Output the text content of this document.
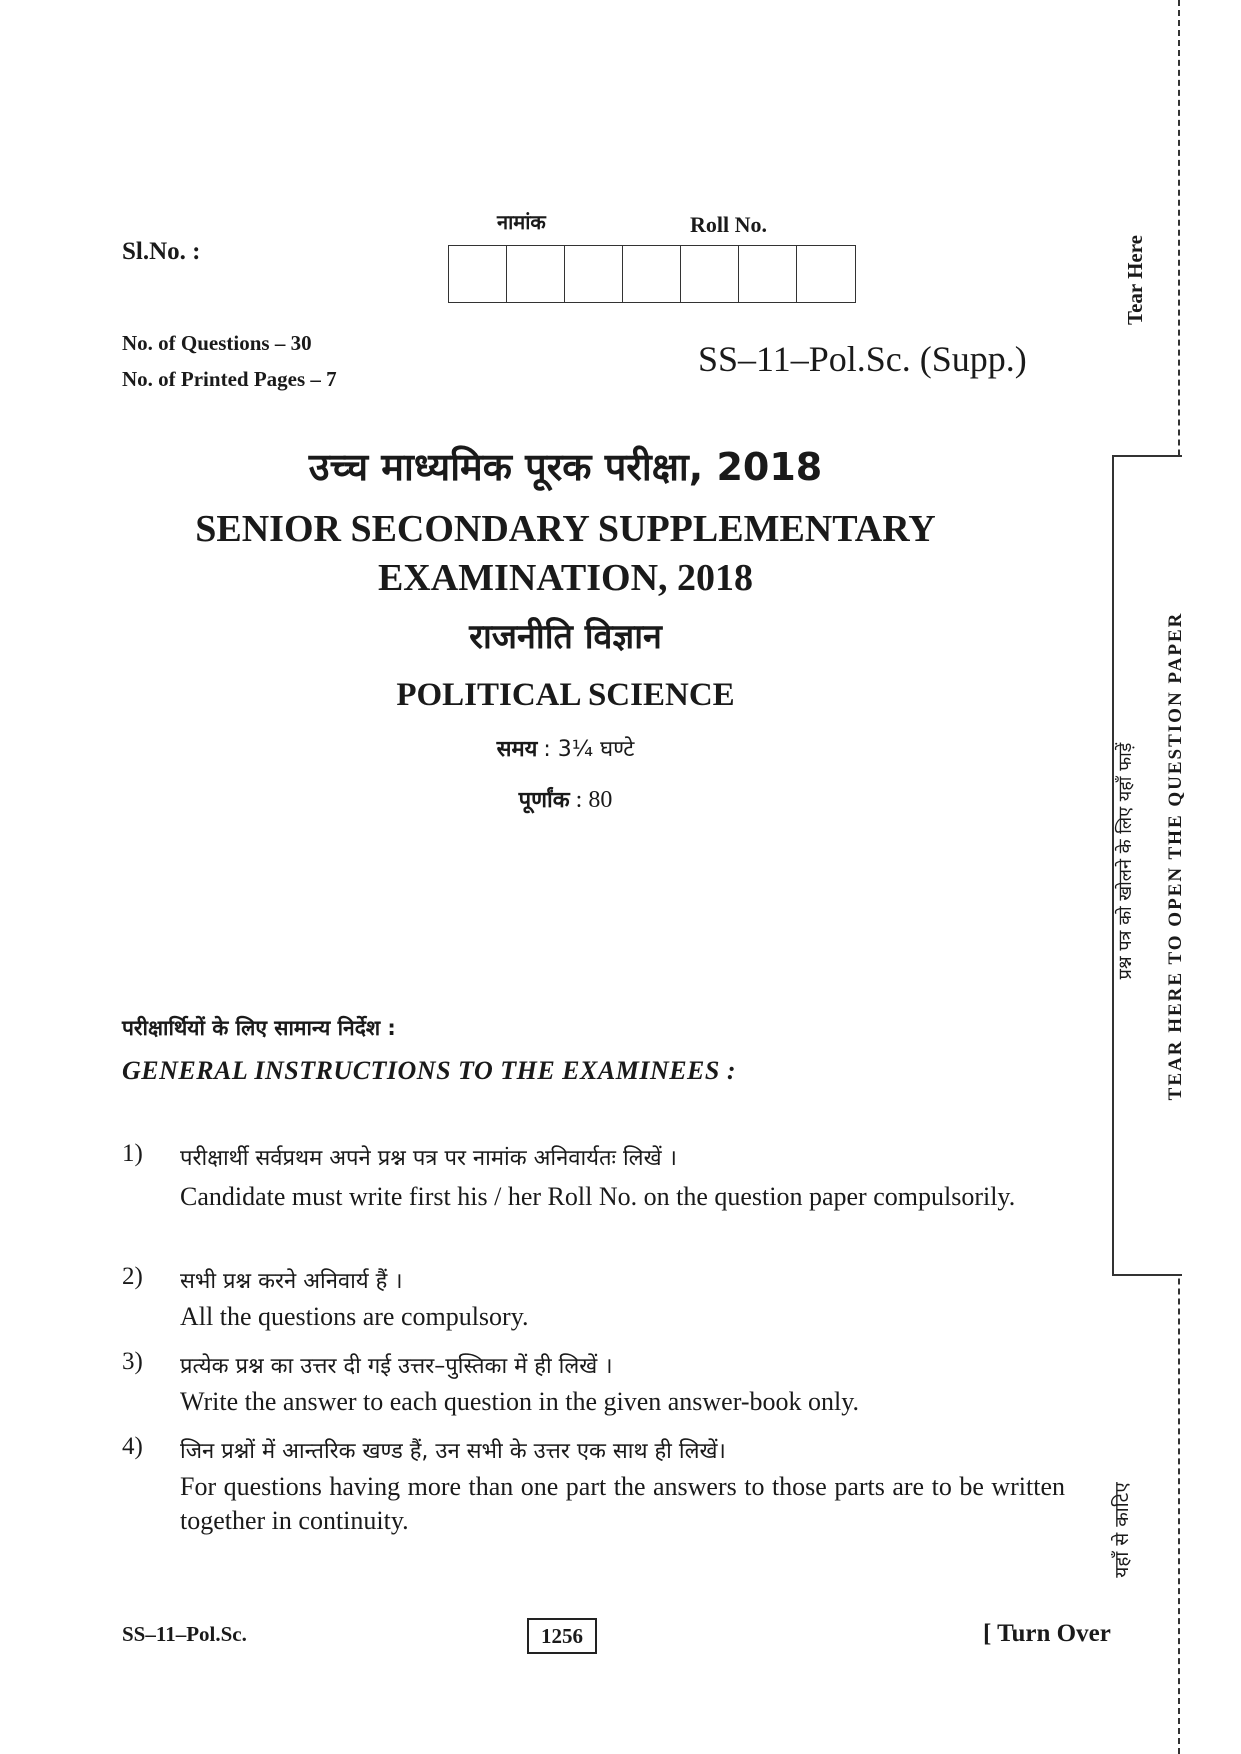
Tear Here
प्रश्न पत्र को खोलने के लिए यहाँ फाड़ें	TEAR HERE TO OPEN THE QUESTION PAPER
यहाँ से काटिए
Sl.No. :
नामांक	Roll No.
No. of Questions – 30
No. of Printed Pages – 7	SS–11–Pol.Sc. (Supp.)
उच्च माध्यमिक पूरक परीक्षा, 2018
SENIOR SECONDARY SUPPLEMENTARY
EXAMINATION, 2018
राजनीति विज्ञान
POLITICAL SCIENCE
समय : 3¼ घण्टे
पूर्णांक : 80
परीक्षार्थियों के लिए सामान्य निर्देश :
GENERAL INSTRUCTIONS TO THE EXAMINEES :
1) परीक्षार्थी सर्वप्रथम अपने प्रश्न पत्र पर नामांक अनिवार्यतः लिखें ।
Candidate must write first his / her Roll No. on the question paper compulsorily.
2) सभी प्रश्न करने अनिवार्य हैं ।
All the questions are compulsory.
3) प्रत्येक प्रश्न का उत्तर दी गई उत्तर–पुस्तिका में ही लिखें ।
Write the answer to each question in the given answer-book only.
4) जिन प्रश्नों में आन्तरिक खण्ड हैं, उन सभी के उत्तर एक साथ ही लिखें।
For questions having more than one part the answers to those parts are to be written together in continuity.
SS–11–Pol.Sc.	1256	[ Turn Over
